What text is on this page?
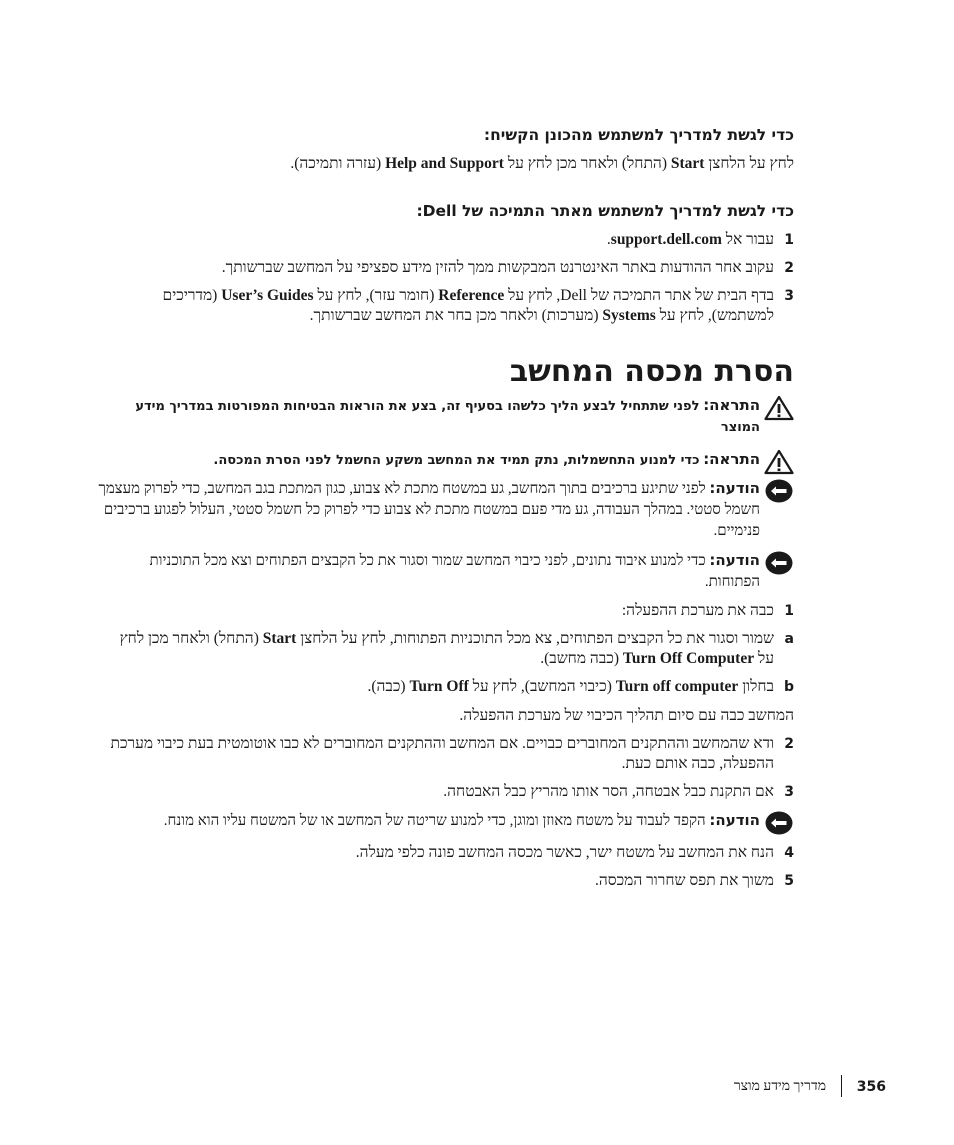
כדי לגשת למדריך למשתמש מהכונן הקשיח:
לחץ על הלחצן Start (התחל) ולאחר מכן לחץ על Help and Support (עזרה ותמיכה).
כדי לגשת למדריך למשתמש מאתר התמיכה של Dell:
1
עבור אל support.dell.com.
2
עקוב אחר ההודעות באתר האינטרנט המבקשות ממך להזין מידע ספציפי על המחשב שברשותך.
3
בדף הבית של אתר התמיכה של Dell, לחץ על Reference (חומר עזר), לחץ על User’s Guides (מדריכים למשתמש), לחץ על Systems (מערכות) ולאחר מכן בחר את המחשב שברשותך.
הסרת מכסה המחשב
התראה: לפני שתתחיל לבצע הליך כלשהו בסעיף זה, בצע את הוראות הבטיחות המפורטות במדריך מידע המוצר
התראה: כדי למנוע התחשמלות, נתק תמיד את המחשב משקע החשמל לפני הסרת המכסה.
הודעה: לפני שתיגע ברכיבים בתוך המחשב, גע במשטח מתכת לא צבוע, כגון המתכת בגב המחשב, כדי לפרוק מעצמך חשמל סטטי. במהלך העבודה, גע מדי פעם במשטח מתכת לא צבוע כדי לפרוק כל חשמל סטטי, העלול לפגוע ברכיבים פנימיים.
הודעה: כדי למנוע איבוד נתונים, לפני כיבוי המחשב שמור וסגור את כל הקבצים הפתוחים וצא מכל התוכניות הפתוחות.
1
כבה את מערכת ההפעלה:
a
שמור וסגור את כל הקבצים הפתוחים, צא מכל התוכניות הפתוחות, לחץ על הלחצן Start (התחל) ולאחר מכן לחץ על Turn Off Computer (כבה מחשב).
b
בחלון Turn off computer (כיבוי המחשב), לחץ על Turn Off (כבה).
המחשב כבה עם סיום תהליך הכיבוי של מערכת ההפעלה.
2
ודא שהמחשב וההתקנים המחוברים כבויים. אם המחשב וההתקנים המחוברים לא כבו אוטומטית בעת כיבוי מערכת ההפעלה, כבה אותם כעת.
3
אם התקנת כבל אבטחה, הסר אותו מהריץ כבל האבטחה.
הודעה: הקפד לעבוד על משטח מאוזן ומוגן, כדי למנוע שריטה של המחשב או של המשטח עליו הוא מונח.
4
הנח את המחשב על משטח ישר, כאשר מכסה המחשב פונה כלפי מעלה.
5
משוך את תפס שחרור המכסה.
356
מדריך מידע מוצר
